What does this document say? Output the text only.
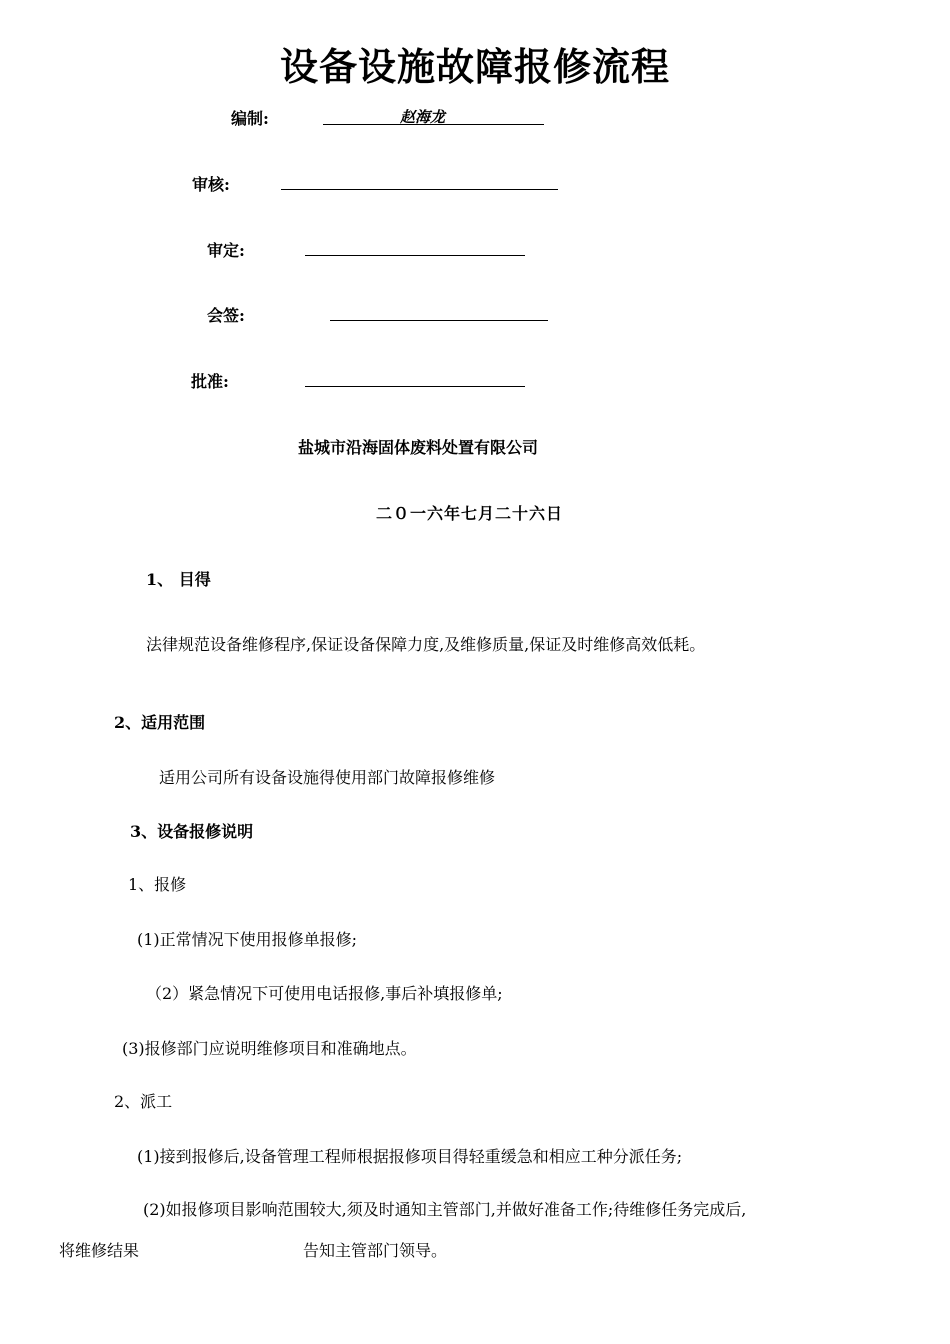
设备设施故障报修流程
编制:	赵海龙
审核:
审定:
会签:
批准:
盐城市沿海固体废料处置有限公司
二０一六年七月二十六日
1、 目得
法律规范设备维修程序,保证设备保障力度,及维修质量,保证及时维修高效低耗。
2、适用范围
适用公司所有设备设施得使用部门故障报修维修
3、设备报修说明
1、报修
(1)正常情况下使用报修单报修;
（2）紧急情况下可使用电话报修,事后补填报修单;
(3)报修部门应说明维修项目和准确地点。
2、派工
(1)接到报修后,设备管理工程师根据报修项目得轻重缓急和相应工种分派任务;
(2)如报修项目影响范围较大,须及时通知主管部门,并做好准备工作;待维修任务完成后,
将维修结果	告知主管部门领导。
